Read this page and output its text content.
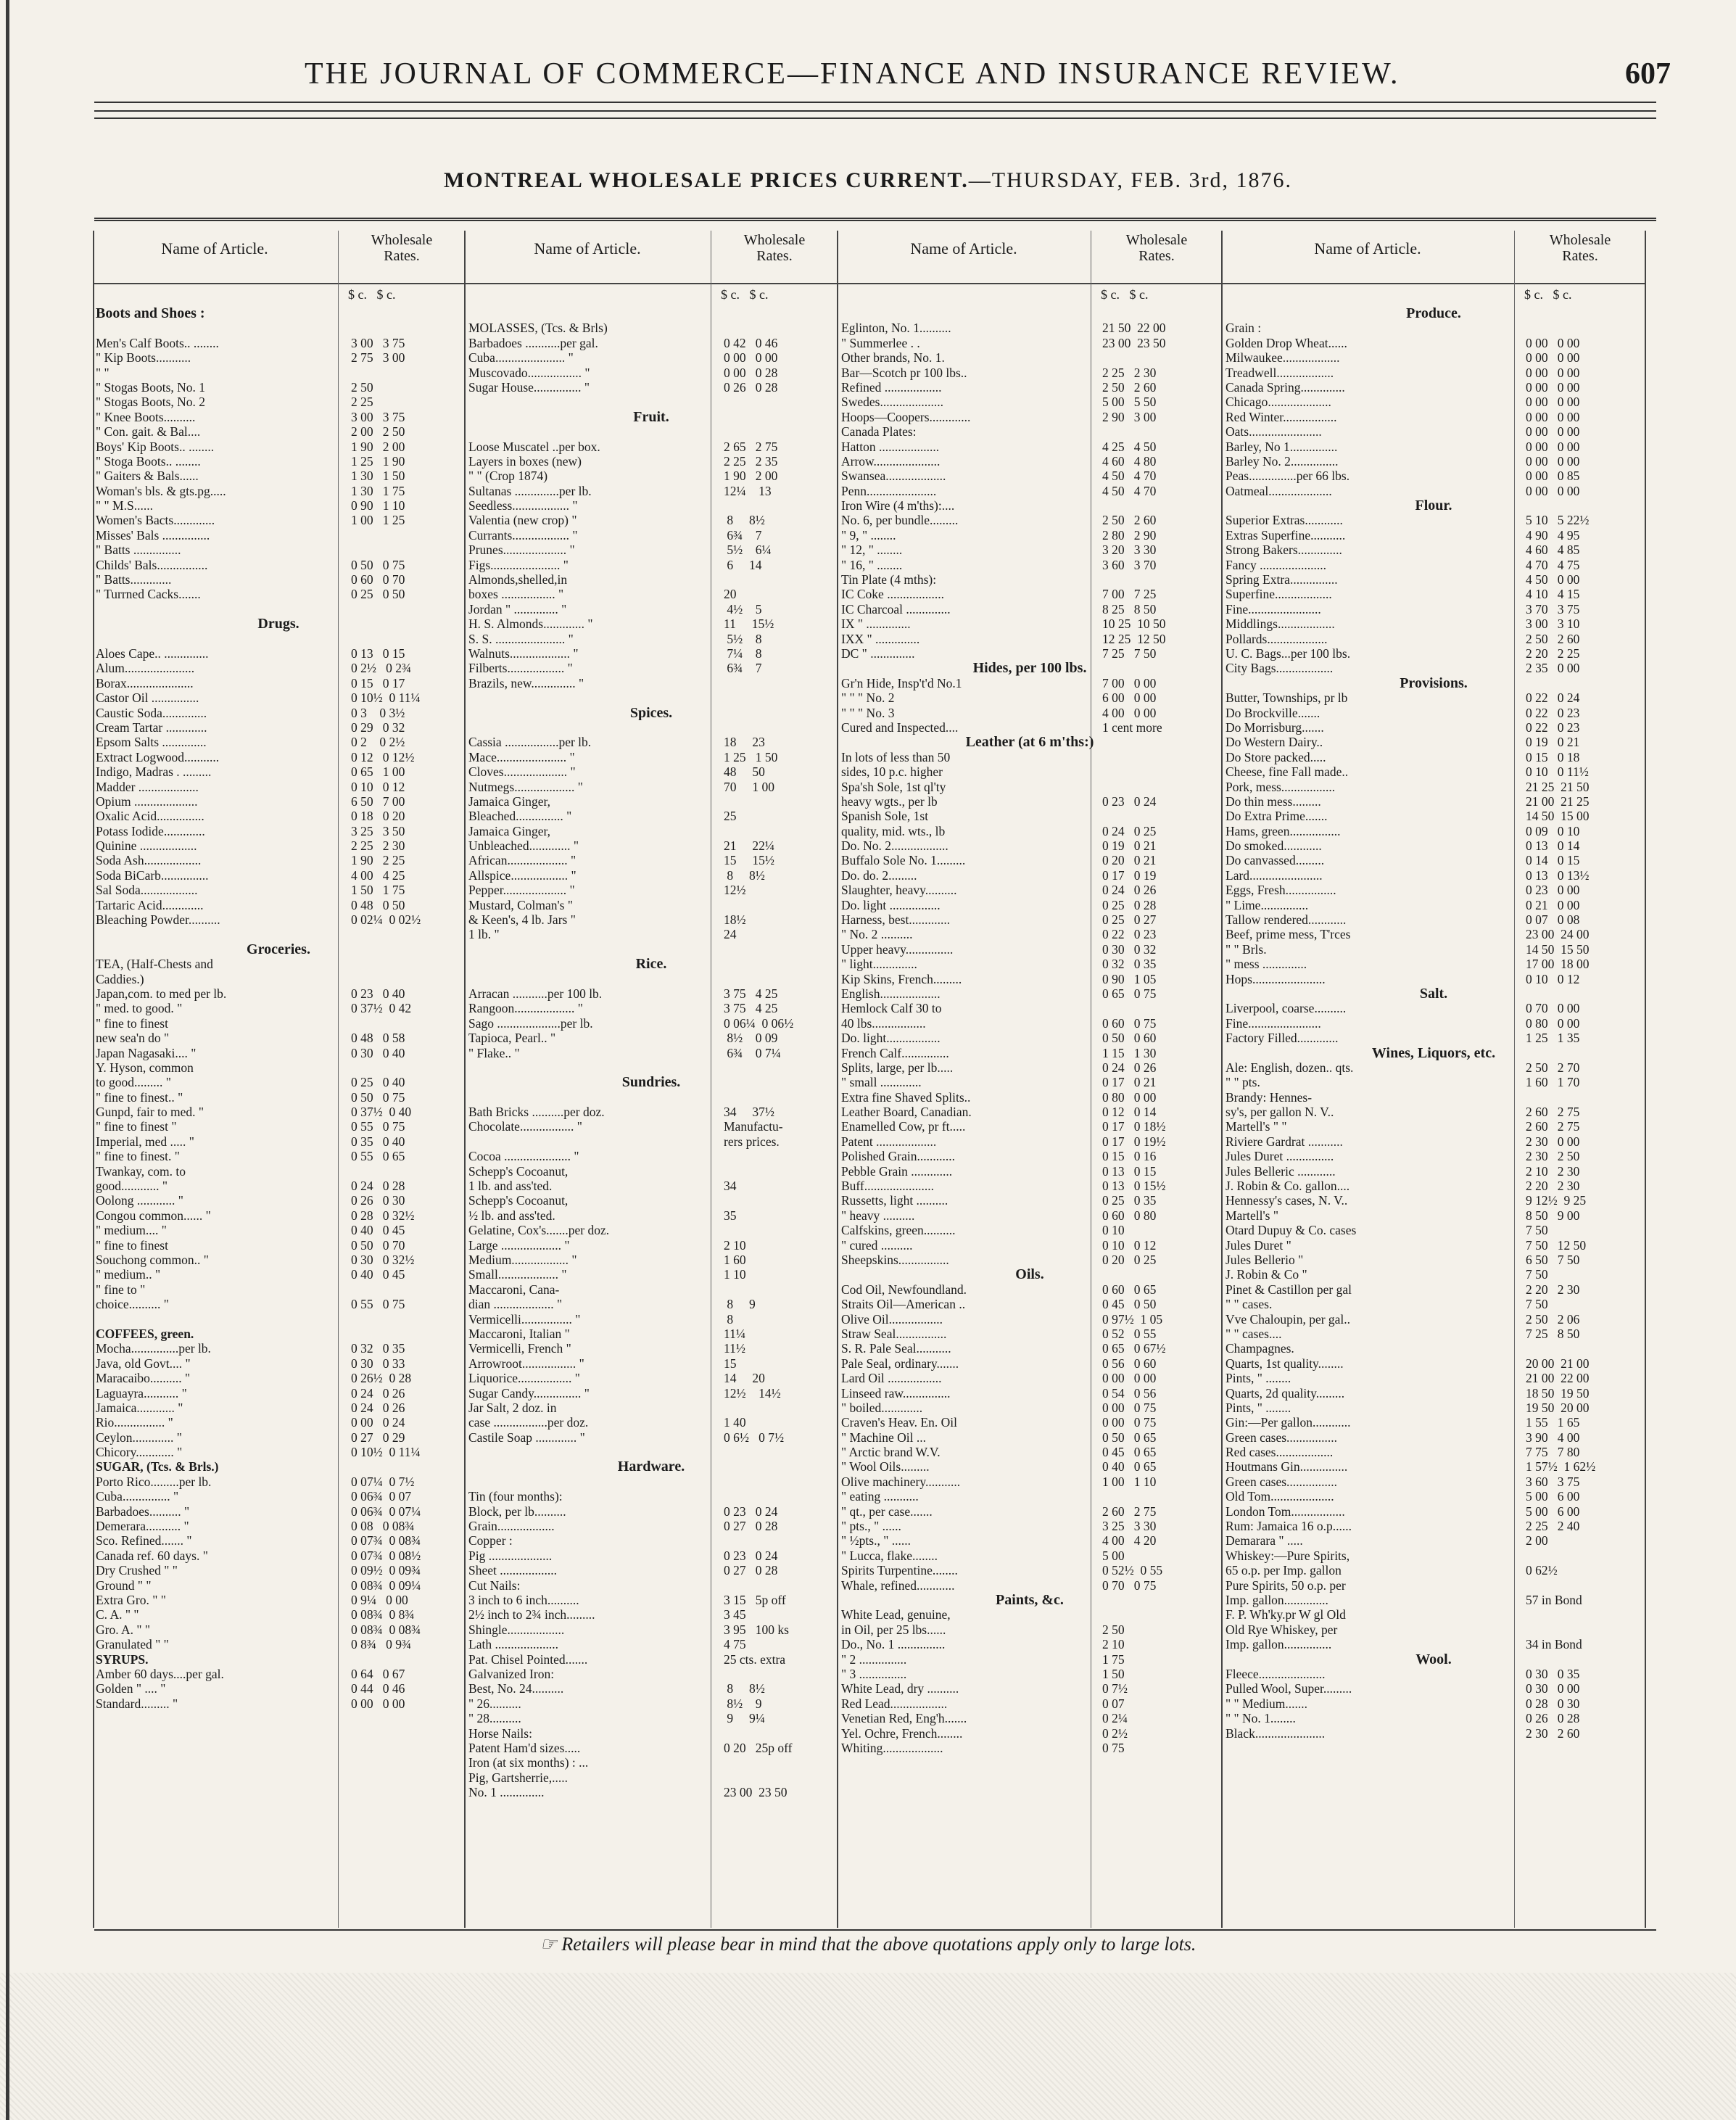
THE JOURNAL OF COMMERCE—FINANCE AND INSURANCE REVIEW.	607
MONTREAL WHOLESALE PRICES CURRENT.—THURSDAY, FEB. 3rd, 1876.
Name of Article.	Wholesale
Rates.
$ c.   $ c.
Boots and Shoes :
Men's Calf Boots.. ........	3 00   3 75
" Kip Boots...........	2 75   3 00
" "
" Stogas Boots, No. 1	2 50
" Stogas Boots, No. 2	2 25
" Knee Boots..........	3 00   3 75
" Con. gait. & Bal....	2 00   2 50
Boys' Kip Boots.. ........	1 90   2 00
" Stoga Boots.. ........	1 25   1 90
" Gaiters & Bals......	1 30   1 50
Woman's bls. & gts.pg.....	1 30   1 75
" " M.S......	0 90   1 10
Women's Bacts.............	1 00   1 25
Misses' Bals ...............
" Batts ...............
Childs' Bals................	0 50   0 75
" Batts.............	0 60   0 70
" Turrned Cacks.......	0 25   0 50
Drugs.
Aloes Cape.. ..............	0 13   0 15
Alum......................	0 2½   0 2¾
Borax.....................	0 15   0 17
Castor Oil ...............	0 10½  0 11¼
Caustic Soda..............	0 3    0 3½
Cream Tartar .............	0 29   0 32
Epsom Salts ..............	0 2    0 2½
Extract Logwood...........	0 12   0 12½
Indigo, Madras . .........	0 65   1 00
Madder ...................	0 10   0 12
Opium ....................	6 50   7 00
Oxalic Acid...............	0 18   0 20
Potass Iodide.............	3 25   3 50
Quinine ..................	2 25   2 30
Soda Ash..................	1 90   2 25
Soda BiCarb...............	4 00   4 25
Sal Soda..................	1 50   1 75
Tartaric Acid.............	0 48   0 50
Bleaching Powder..........	0 02¼  0 02½
Groceries.
TEA, (Half-Chests and
Caddies.)
Japan,com. to med per lb.	0 23   0 40
" med. to good. "	0 37½  0 42
" fine to finest
new sea'n do "	0 48   0 58
Japan Nagasaki.... "	0 30   0 40
Y. Hyson, common
to good......... "	0 25   0 40
" fine to finest.. "	0 50   0 75
Gunpd, fair to med. "	0 37½  0 40
" fine to finest "	0 55   0 75
Imperial, med ..... "	0 35   0 40
" fine to finest. "	0 55   0 65
Twankay, com. to
good............ "	0 24   0 28
Oolong ............ "	0 26   0 30
Congou common...... "	0 28   0 32½
" medium.... "	0 40   0 45
" fine to finest	0 50   0 70
Souchong common.. "	0 30   0 32½
" medium.. "	0 40   0 45
" fine to "
choice.......... "	0 55   0 75
COFFEES, green.
Mocha...............per lb.	0 32   0 35
Java, old Govt.... "	0 30   0 33
Maracaibo.......... "	0 26½  0 28
Laguayra........... "	0 24   0 26
Jamaica............ "	0 24   0 26
Rio................ "	0 00   0 24
Ceylon............. "	0 27   0 29
Chicory............ "	0 10½  0 11¼
SUGAR, (Tcs. & Brls.)
Porto Rico.........per lb.	0 07¼  0 7½
Cuba............... "	0 06¾  0 07
Barbadoes.......... "	0 06¾  0 07¼
Demerara........... "	0 08   0 08¾
Sco. Refined....... "	0 07¾  0 08¾
Canada ref. 60 days. "	0 07¾  0 08½
Dry Crushed " "	0 09½  0 09¾
Ground " "	0 08¾  0 09¼
Extra Gro. " "	0 9¼   0 00
C. A. " "	0 08¾  0 8¾
Gro. A. " "	0 08¾  0 08¾
Granulated " "	0 8¾   0 9¾
SYRUPS.
Amber 60 days....per gal.	0 64   0 67
Golden " .... "	0 44   0 46
Standard......... "	0 00   0 00
Name of Article.	Wholesale
Rates.
$ c.   $ c.
MOLASSES, (Tcs. & Brls)
Barbadoes ...........per gal.	0 42   0 46
Cuba...................... "	0 00   0 00
Muscovado................. "	0 00   0 28
Sugar House............... "	0 26   0 28
Fruit.
Loose Muscatel ..per box.	2 65   2 75
Layers in boxes (new)	2 25   2 35
" " (Crop 1874)	1 90   2 00
Sultanas ..............per lb.	12¼    13
Seedless.................. "
Valentia (new crop) "	8     8½
Currants.................. "	6¾    7
Prunes.................... "	5½    6¼
Figs...................... "	6     14
Almonds,shelled,in
boxes ................. "	20
Jordan " .............. "	4½    5
H. S. Almonds............. "	11     15½
S. S. ...................... "	5½    8
Walnuts................... "	7¼    8
Filberts.................. "	6¾    7
Brazils, new.............. "
Spices.
Cassia .................per lb.	18     23
Mace...................... "	1 25   1 50
Cloves.................... "	48     50
Nutmegs................... "	70     1 00
Jamaica Ginger,
Bleached............... "	25
Jamaica Ginger,
Unbleached............. "	21     22¼
African................... "	15     15½
Allspice.................. "	8     8½
Pepper.................... "	12½
Mustard, Colman's "
& Keen's, 4 lb. Jars "	18½
1 lb. "	24
Rice.
Arracan ...........per 100 lb.	3 75   4 25
Rangoon................... "	3 75   4 25
Sago ....................per lb.	0 06¼  0 06½
Tapioca, Pearl.. "	8½    0 09
" Flake.. "	6¾    0 7¼
Sundries.
Bath Bricks ..........per doz.	34     37½
Chocolate................. "	Manufactu-
rers prices.
Cocoa ..................... "
Schepp's Cocoanut,
1 lb. and ass'ted.	34
Schepp's Cocoanut,
½ lb. and ass'ted.	35
Gelatine, Cox's.......per doz.
Large ................... "	2 10
Medium.................. "	1 60
Small................... "	1 10
Maccaroni, Cana-
dian ................... "	8     9
Vermicelli................ "	8
Maccaroni, Italian "	11¼
Vermicelli, French "	11½
Arrowroot................. "	15
Liquorice................. "	14     20
Sugar Candy............... "	12½    14½
Jar Salt, 2 doz. in
case .................per doz.	1 40
Castile Soap ............. "	0 6½   0 7½
Hardware.
Tin (four months):
Block, per lb..........	0 23   0 24
Grain..................	0 27   0 28
Copper :
Pig ....................	0 23   0 24
Sheet ..................	0 27   0 28
Cut Nails:
3 inch to 6 inch..........	3 15   5p off
2½ inch to 2¾ inch.........	3 45
Shingle..................	3 95   100 ks
Lath ....................	4 75
Pat. Chisel Pointed.......	25 cts. extra
Galvanized Iron:
Best, No. 24..........	8     8½
" 26..........	8½    9
" 28..........	9     9¼
Horse Nails:
Patent Ham'd sizes.....	0 20   25p off
Iron (at six months) : ...
Pig, Gartsherrie,.....
No. 1 ..............	23 00  23 50
Name of Article.	Wholesale
Rates.
$ c.   $ c.
Eglinton, No. 1..........	21 50  22 00
" Summerlee . .	23 00  23 50
Other brands, No. 1.
Bar—Scotch pr 100 lbs..	2 25   2 30
Refined ..................	2 50   2 60
Swedes....................	5 00   5 50
Hoops—Coopers.............	2 90   3 00
Canada Plates:
Hatton ...................	4 25   4 50
Arrow.....................	4 60   4 80
Swansea...................	4 50   4 70
Penn......................	4 50   4 70
Iron Wire (4 m'ths):....
No. 6, per bundle.........	2 50   2 60
" 9, " ........	2 80   2 90
" 12, " ........	3 20   3 30
" 16, " ........	3 60   3 70
Tin Plate (4 mths):
IC Coke ..................	7 00   7 25
IC Charcoal ..............	8 25   8 50
IX " ..............	10 25  10 50
IXX " ..............	12 25  12 50
DC " ..............	7 25   7 50
Hides, per 100 lbs.
Gr'n Hide, Insp't'd No.1	7 00   0 00
" " " No. 2	6 00   0 00
" " " No. 3	4 00   0 00
Cured and Inspected....	1 cent more
Leather (at 6 m'ths:)
In lots of less than 50
sides, 10 p.c. higher
Spa'sh Sole, 1st ql'ty
heavy wgts., per lb	0 23   0 24
Spanish Sole, 1st
quality, mid. wts., lb	0 24   0 25
Do. No. 2..................	0 19   0 21
Buffalo Sole No. 1.........	0 20   0 21
Do. do. 2.........	0 17   0 19
Slaughter, heavy..........	0 24   0 26
Do. light ................	0 25   0 28
Harness, best.............	0 25   0 27
" No. 2 ..........	0 22   0 23
Upper heavy...............	0 30   0 32
" light..............	0 32   0 35
Kip Skins, French.........	0 90   1 05
English...................	0 65   0 75
Hemlock Calf 30 to
40 lbs.................	0 60   0 75
Do. light.................	0 50   0 60
French Calf...............	1 15   1 30
Splits, large, per lb.....	0 24   0 26
" small .............	0 17   0 21
Extra fine Shaved Splits..	0 80   0 00
Leather Board, Canadian.	0 12   0 14
Enamelled Cow, pr ft.....	0 17   0 18½
Patent ...................	0 17   0 19½
Polished Grain............	0 15   0 16
Pebble Grain .............	0 13   0 15
Buff......................	0 13   0 15½
Russetts, light ..........	0 25   0 35
" heavy ..........	0 60   0 80
Calfskins, green..........	0 10
" cured ..........	0 10   0 12
Sheepskins................	0 20   0 25
Oils.
Cod Oil, Newfoundland.	0 60   0 65
Straits Oil—American ..	0 45   0 50
Olive Oil.................	0 97½  1 05
Straw Seal................	0 52   0 55
S. R. Pale Seal...........	0 65   0 67½
Pale Seal, ordinary.......	0 56   0 60
Lard Oil .................	0 00   0 00
Linseed raw...............	0 54   0 56
" boiled.............	0 00   0 75
Craven's Heav. En. Oil	0 00   0 75
" Machine Oil ...	0 50   0 65
" Arctic brand W.V.	0 45   0 65
" Wool Oils.........	0 40   0 65
Olive machinery...........	1 00   1 10
" eating ...........
" qt., per case.......	2 60   2 75
" pts., " ......	3 25   3 30
" ½pts., " ......	4 00   4 20
" Lucca, flake........	5 00
Spirits Turpentine........	0 52½  0 55
Whale, refined............	0 70   0 75
Paints, &c.
White Lead, genuine,
in Oil, per 25 lbs......	2 50
Do., No. 1 ...............	2 10
" 2 ...............	1 75
" 3 ...............	1 50
White Lead, dry ..........	0 7½
Red Lead..................	0 07
Venetian Red, Eng'h.......	0 2¼
Yel. Ochre, French........	0 2½
Whiting...................	0 75
Name of Article.	Wholesale
Rates.
$ c.   $ c.
Produce.
Grain :
Golden Drop Wheat......	0 00   0 00
Milwaukee..................	0 00   0 00
Treadwell..................	0 00   0 00
Canada Spring..............	0 00   0 00
Chicago....................	0 00   0 00
Red Winter.................	0 00   0 00
Oats.......................	0 00   0 00
Barley, No 1...............	0 00   0 00
Barley No. 2...............	0 00   0 00
Peas...............per 66 lbs.	0 00   0 85
Oatmeal....................	0 00   0 00
Flour.
Superior Extras............	5 10   5 22½
Extras Superfine...........	4 90   4 95
Strong Bakers..............	4 60   4 85
Fancy .....................	4 70   4 75
Spring Extra...............	4 50   0 00
Superfine..................	4 10   4 15
Fine.......................	3 70   3 75
Middlings..................	3 00   3 10
Pollards...................	2 50   2 60
U. C. Bags...per 100 lbs.	2 20   2 25
City Bags..................	2 35   0 00
Provisions.
Butter, Townships, pr lb	0 22   0 24
Do Brockville.......	0 22   0 23
Do Morrisburg.......	0 22   0 23
Do Western Dairy..	0 19   0 21
Do Store packed.....	0 15   0 18
Cheese, fine Fall made..	0 10   0 11½
Pork, mess.................	21 25  21 50
Do thin mess.........	21 00  21 25
Do Extra Prime.......	14 50  15 00
Hams, green................	0 09   0 10
Do smoked............	0 13   0 14
Do canvassed.........	0 14   0 15
Lard.......................	0 13   0 13½
Eggs, Fresh................	0 23   0 00
" Lime...............	0 21   0 00
Tallow rendered............	0 07   0 08
Beef, prime mess, T'rces	23 00  24 00
" " Brls.	14 50  15 50
" mess ..............	17 00  18 00
Hops.......................	0 10   0 12
Salt.
Liverpool, coarse..........	0 70   0 00
Fine.......................	0 80   0 00
Factory Filled.............	1 25   1 35
Wines, Liquors, etc.
Ale: English, dozen.. qts.	2 50   2 70
" " pts.	1 60   1 70
Brandy: Hennes-
sy's, per gallon N. V..	2 60   2 75
Martell's " "	2 60   2 75
Riviere Gardrat ...........	2 30   0 00
Jules Duret ...............	2 30   2 50
Jules Belleric ............	2 10   2 30
J. Robin & Co. gallon....	2 20   2 30
Hennessy's cases, N. V..	9 12½  9 25
Martell's "	8 50   9 00
Otard Dupuy & Co. cases	7 50
Jules Duret "	7 50   12 50
Jules Bellerio "	6 50   7 50
J. Robin & Co "	7 50
Pinet & Castillon per gal	2 20   2 30
" " cases.	7 50
Vve Chaloupin, per gal..	2 50   2 06
" " cases....	7 25   8 50
Champagnes.
Quarts, 1st quality........	20 00  21 00
Pints, " ........	21 00  22 00
Quarts, 2d quality.........	18 50  19 50
Pints, " ........	19 50  20 00
Gin:—Per gallon............	1 55   1 65
Green cases................	3 90   4 00
Red cases..................	7 75   7 80
Houtmans Gin...............	1 57½  1 62½
Green cases................	3 60   3 75
Old Tom....................	5 00   6 00
London Tom.................	5 00   6 00
Rum: Jamaica 16 o.p......	2 25   2 40
Demarara " .....	2 00
Whiskey:—Pure Spirits,
65 o.p. per Imp. gallon	0 62½
Pure Spirits, 50 o.p. per
Imp. gallon..............	57 in Bond
F. P. Wh'ky.pr W gl Old
Old Rye Whiskey, per
Imp. gallon...............	34 in Bond
Wool.
Fleece.....................	0 30   0 35
Pulled Wool, Super.........	0 30   0 00
" " Medium.......	0 28   0 30
" " No. 1........	0 26   0 28
Black......................	2 30   2 60
☞ Retailers will please bear in mind that the above quotations apply only to large lots.
